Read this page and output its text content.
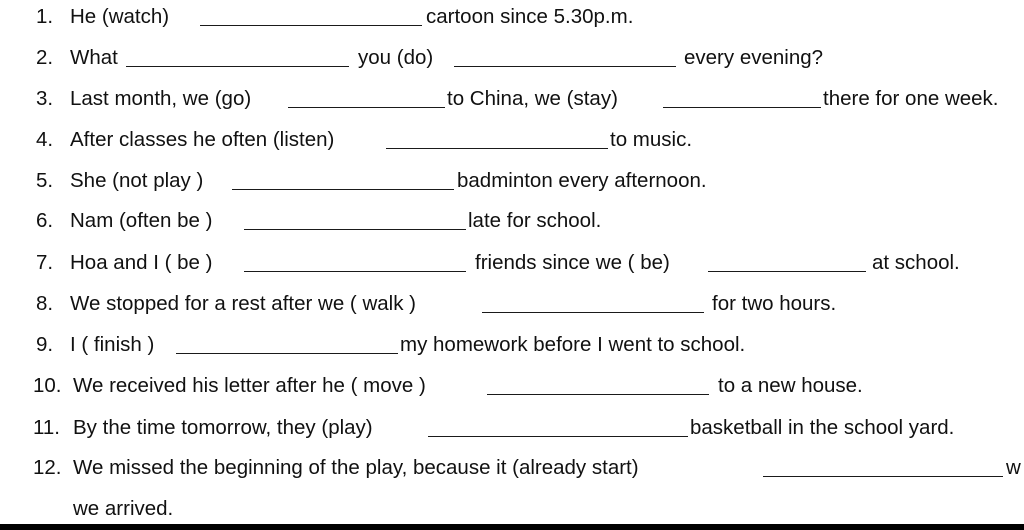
1. He (watch)	cartoon since 5.30p.m.
2. What	you (do)	every evening?
3. Last month, we (go)	to China, we (stay)	there for one week.
4. After classes he often (listen)	to music.
5. She (not play )	badminton every afternoon.
6. Nam (often be )	late for school.
7. Hoa and I ( be )	friends since we ( be)	at school.
8. We stopped for a rest after we ( walk )	for two hours.
9. I ( finish )	my homework before I went to school.
10. We received his letter after he ( move )	to a new house.
11. By the time tomorrow, they (play)	basketball in the school yard.
12. We missed the beginning of the play, because it (already start)	w
we arrived.
